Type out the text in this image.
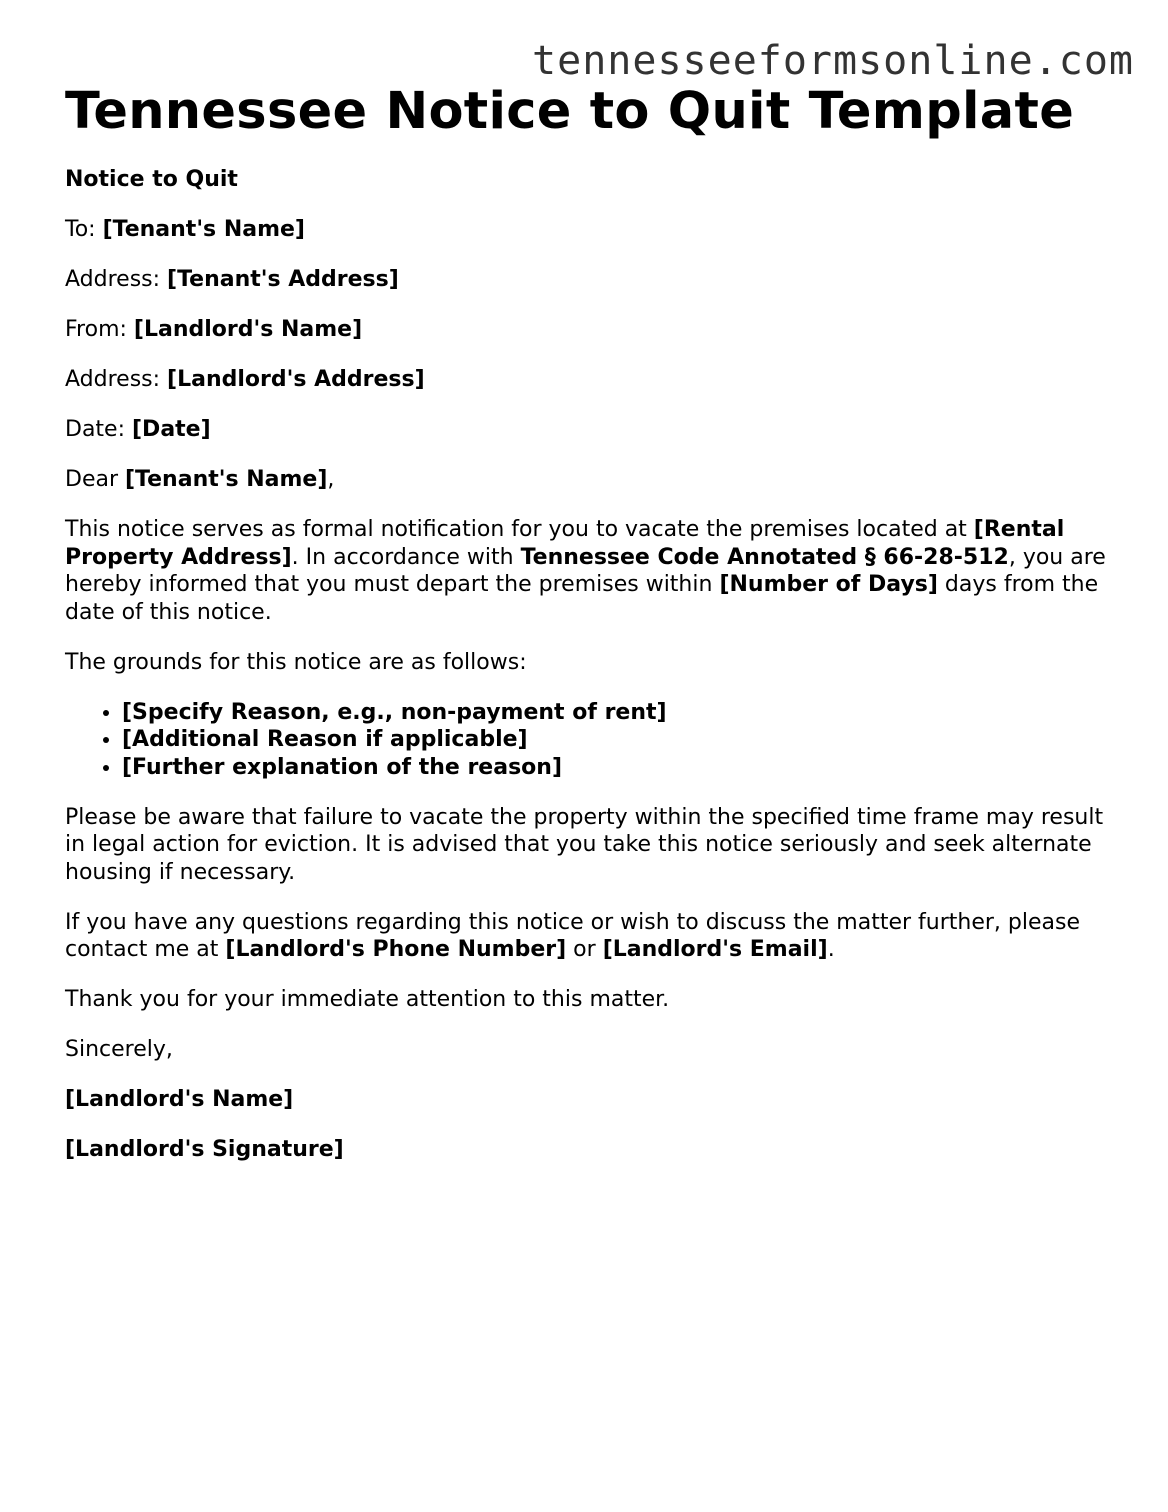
tennesseeformsonline.com
Tennessee Notice to Quit Template

Notice to Quit

To: [Tenant's Name]

Address: [Tenant's Address]

From: [Landlord's Name]

Address: [Landlord's Address]

Date: [Date]

Dear [Tenant's Name],

This notice serves as formal notification for you to vacate the premises located at [Rental Property Address]. In accordance with Tennessee Code Annotated § 66-28-512, you are hereby informed that you must depart the premises within [Number of Days] days from the date of this notice.

The grounds for this notice are as follows:

• [Specify Reason, e.g., non-payment of rent]
• [Additional Reason if applicable]
• [Further explanation of the reason]

Please be aware that failure to vacate the property within the specified time frame may result in legal action for eviction. It is advised that you take this notice seriously and seek alternate housing if necessary.

If you have any questions regarding this notice or wish to discuss the matter further, please contact me at [Landlord's Phone Number] or [Landlord's Email].

Thank you for your immediate attention to this matter.

Sincerely,

[Landlord's Name]

[Landlord's Signature]
